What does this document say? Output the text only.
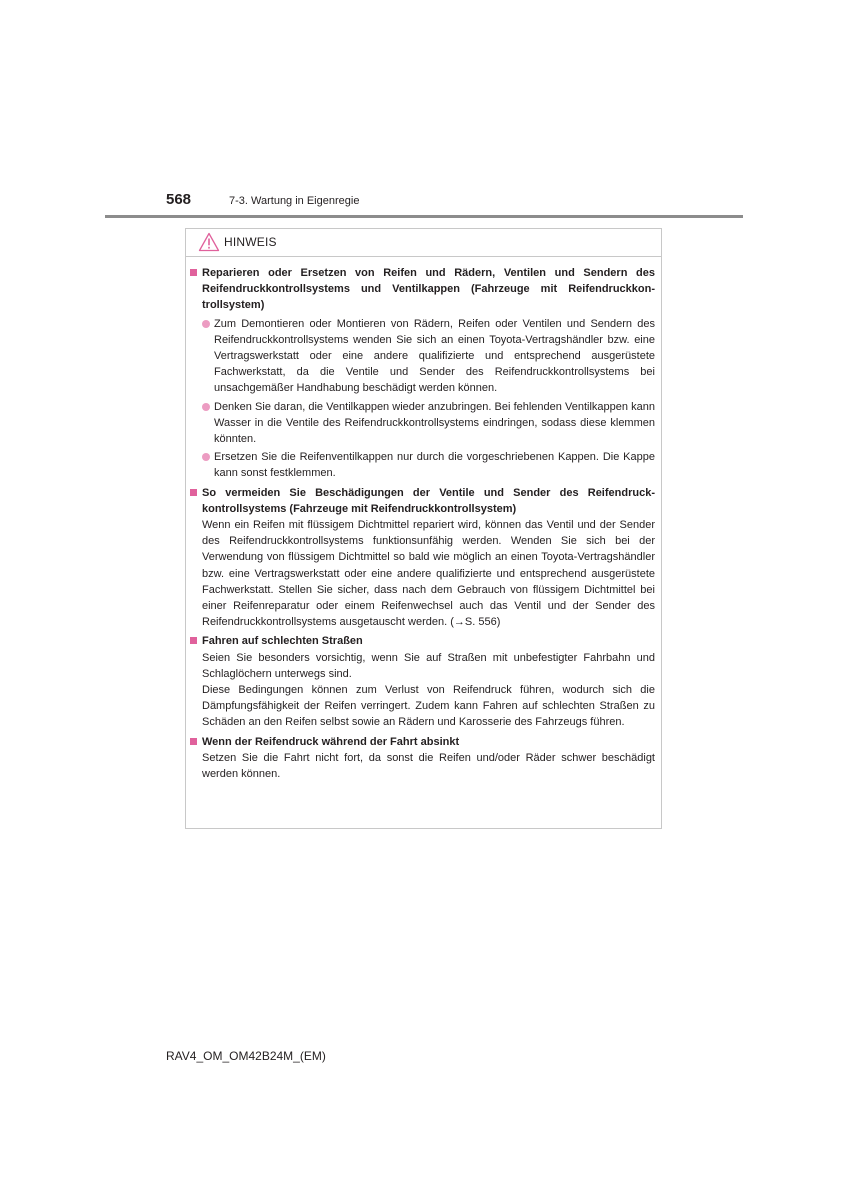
568	7-3. Wartung in Eigenregie
HINWEIS
Reparieren oder Ersetzen von Reifen und Rädern, Ventilen und Sendern des Reifendruckkontrollsystems und Ventilkappen (Fahrzeuge mit Reifendruckkontrollsystem)
Zum Demontieren oder Montieren von Rädern, Reifen oder Ventilen und Sendern des Reifendruckkontrollsystems wenden Sie sich an einen Toyota-Vertragshändler bzw. eine Vertragswerkstatt oder eine andere qualifizierte und entsprechend ausgerüstete Fachwerkstatt, da die Ventile und Sender des Reifendruckkontrollsystems bei unsachgemäßer Handhabung beschädigt werden können.
Denken Sie daran, die Ventilkappen wieder anzubringen. Bei fehlenden Ventilkappen kann Wasser in die Ventile des Reifendruckkontrollsystems eindringen, sodass diese klemmen könnten.
Ersetzen Sie die Reifenventilkappen nur durch die vorgeschriebenen Kappen. Die Kappe kann sonst festklemmen.
So vermeiden Sie Beschädigungen der Ventile und Sender des Reifendruckkontrollsystems (Fahrzeuge mit Reifendruckkontrollsystem)
Wenn ein Reifen mit flüssigem Dichtmittel repariert wird, können das Ventil und der Sender des Reifendruckkontrollsystems funktionsunfähig werden. Wenden Sie sich bei der Verwendung von flüssigem Dichtmittel so bald wie möglich an einen Toyota-Vertragshändler bzw. eine Vertragswerkstatt oder eine andere qualifizierte und entsprechend ausgerüstete Fachwerkstatt. Stellen Sie sicher, dass nach dem Gebrauch von flüssigem Dichtmittel bei einer Reifenreparatur oder einem Reifenwechsel auch das Ventil und der Sender des Reifendruckkontrollsystems ausgetauscht werden. (→S. 556)
Fahren auf schlechten Straßen
Seien Sie besonders vorsichtig, wenn Sie auf Straßen mit unbefestigter Fahrbahn und Schlaglöchern unterwegs sind.
Diese Bedingungen können zum Verlust von Reifendruck führen, wodurch sich die Dämpfungsfähigkeit der Reifen verringert. Zudem kann Fahren auf schlechten Straßen zu Schäden an den Reifen selbst sowie an Rädern und Karosserie des Fahrzeugs führen.
Wenn der Reifendruck während der Fahrt absinkt
Setzen Sie die Fahrt nicht fort, da sonst die Reifen und/oder Räder schwer beschädigt werden können.
RAV4_OM_OM42B24M_(EM)
